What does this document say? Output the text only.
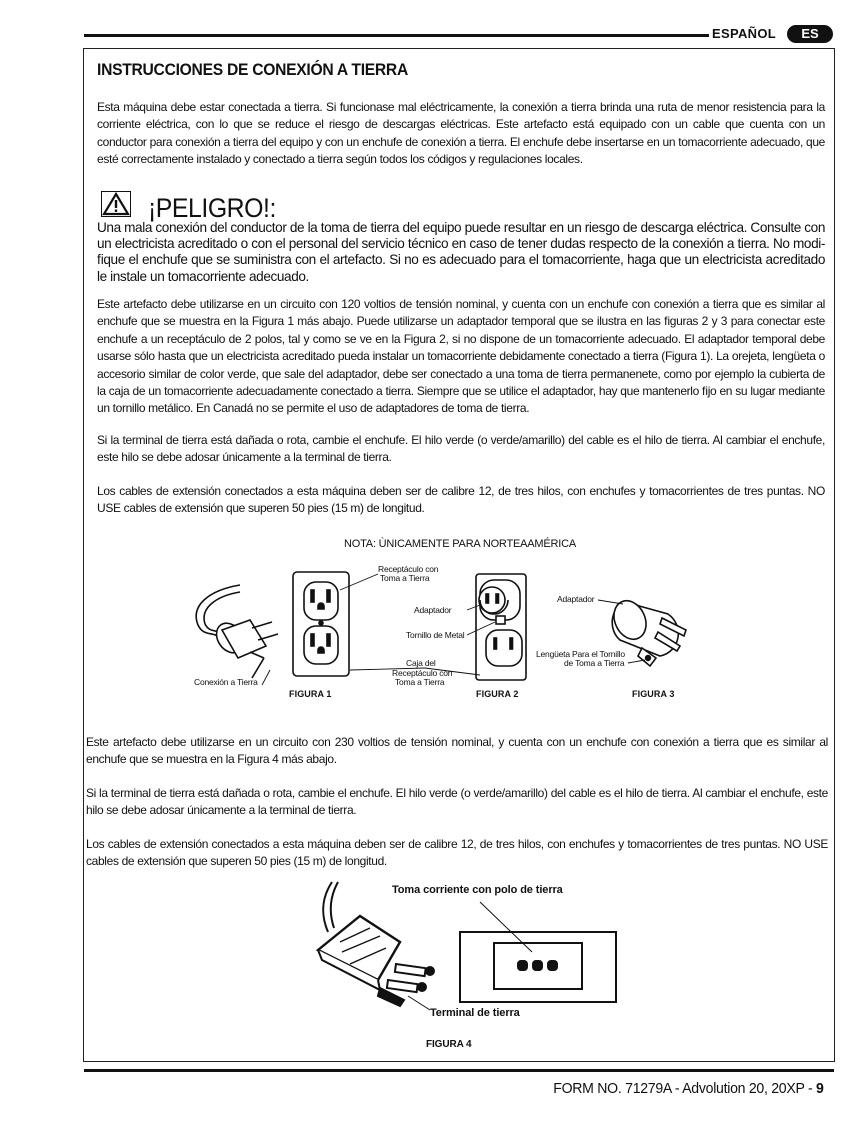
ESPAÑOL	ES
INSTRUCCIONES DE CONEXIÓN A TIERRA

Esta máquina debe estar conectada a tierra. Si funcionase mal eléctricamente, la conexión a tierra brinda una ruta de menor resistencia para la corriente eléctrica, con lo que se reduce el riesgo de descargas eléctricas. Este artefacto está equipado con un cable que cuenta con un conductor para conexión a tierra del equipo y con un enchufe de conexión a tierra. El enchufe debe insertarse en un tomacorriente adecuado, que esté correctamente instalado y conectado a tierra según todos los códigos y regulaciones locales.

¡PELIGRO!:

Una mala conexión del conductor de la toma de tierra del equipo puede resultar en un riesgo de descarga eléctrica. Consulte con un electricista acreditado o con el personal del servicio técnico en caso de tener dudas respecto de la conexión a tierra. No modi-ﬁque el enchufe que se suministra con el artefacto. Si no es adecuado para el tomacorriente, haga que un electricista acreditado le instale un tomacorriente adecuado.

Este artefacto debe utilizarse en un circuito con 120 voltios de tensión nominal, y cuenta con un enchufe con conexión a tierra que es similar al enchufe que se muestra en la Figura 1 más abajo. Puede utilizarse un adaptador temporal que se ilustra en las ﬁguras 2 y 3 para conectar este enchufe a un receptáculo de 2 polos, tal y como se ve en la Figura 2, si no dispone de un tomacorriente adecuado. El adaptador temporal debe usarse sólo hasta que un electricista acreditado pueda instalar un tomacorriente debidamente conectado a tierra (Figura 1). La orejeta, lengüeta o accesorio similar de color verde, que sale del adaptador, debe ser conectado a una toma de tierra permanenete, como por ejemplo la cubierta de la caja de un tomacorriente adecuadamente conectado a tierra. Siempre que se utilice el adaptador, hay que mantenerlo ﬁjo en su lugar mediante un tornillo metálico. En Canadá no se permite el uso de adaptadores de toma de tierra.

Si la terminal de tierra está dañada o rota, cambie el enchufe. El hilo verde (o verde/amarillo) del cable es el hilo de tierra. Al cambiar el enchufe, este hilo se debe adosar únicamente a la terminal de tierra.

Los cables de extensión conectados a esta máquina deben ser de calibre 12, de tres hilos, con enchufes y tomacorrientes de tres puntas. NO USE cables de extensión que superen 50 pies (15 m) de longitud.

NOTA: ÙNICAMENTE PARA NORTEAAMÉRICA
Conexión a Tierra
Receptáculo con
Toma a Tierra
Adaptador
Tornillo de Metal
Caja del
Receptáculo con
Toma a Tierra
Adaptador
Lengüeta Para el Tornillo
de Toma a Tierra
FIGURA 1	FIGURA 2	FIGURA 3

Este artefacto debe utilizarse en un circuito con 230 voltios de tensión nominal, y cuenta con un enchufe con conexión a tierra que es similar al enchufe que se muestra en la Figura 4 más abajo.

Si la terminal de tierra está dañada o rota, cambie el enchufe. El hilo verde (o verde/amarillo) del cable es el hilo de tierra. Al cambiar el enchufe, este hilo se debe adosar únicamente a la terminal de tierra.

Los cables de extensión conectados a esta máquina deben ser de calibre 12, de tres hilos, con enchufes y tomacorrientes de tres puntas. NO USE cables de extensión que superen 50 pies (15 m) de longitud.

Toma corriente con polo de tierra
Terminal de tierra
FIGURA 4
FORM NO. 71279A - Advolution 20, 20XP - 9
